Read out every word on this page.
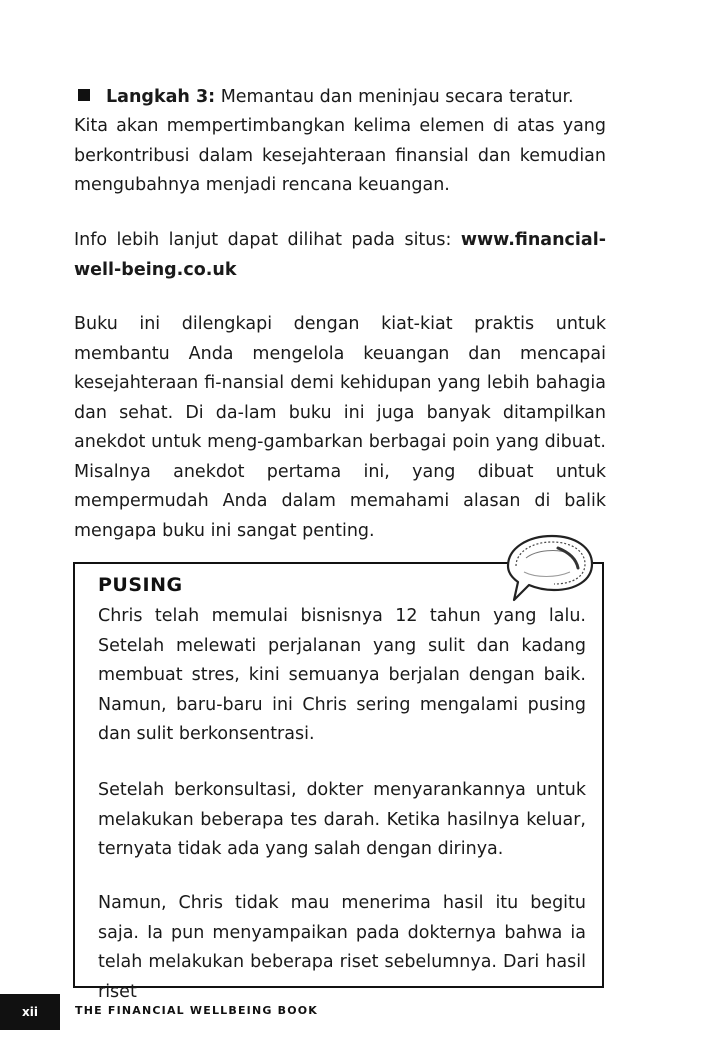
Langkah 3: Memantau dan meninjau secara teratur.
Kita akan mempertimbangkan kelima elemen di atas yang berkontribusi dalam kesejahteraan finansial dan kemudian mengubahnya menjadi rencana keuangan.
Info lebih lanjut dapat dilihat pada situs: www.financial-well-being.co.uk
Buku ini dilengkapi dengan kiat-kiat praktis untuk membantu Anda mengelola keuangan dan mencapai kesejahteraan fi-nansial demi kehidupan yang lebih bahagia dan sehat. Di da-lam buku ini juga banyak ditampilkan anekdot untuk meng-gambarkan berbagai poin yang dibuat. Misalnya anekdot pertama ini, yang dibuat untuk mempermudah Anda dalam memahami alasan di balik mengapa buku ini sangat penting.
PUSING
Chris telah memulai bisnisnya 12 tahun yang lalu. Setelah melewati perjalanan yang sulit dan kadang membuat stres, kini semuanya berjalan dengan baik. Namun, baru-baru ini Chris sering mengalami pusing dan sulit berkonsentrasi.
Setelah berkonsultasi, dokter menyarankannya untuk melakukan beberapa tes darah. Ketika hasilnya keluar, ternyata tidak ada yang salah dengan dirinya.
Namun, Chris tidak mau menerima hasil itu begitu saja. Ia pun menyampaikan pada dokternya bahwa ia telah melakukan beberapa riset sebelumnya. Dari hasil riset
xii	THE FINANCIAL WELLBEING BOOK
